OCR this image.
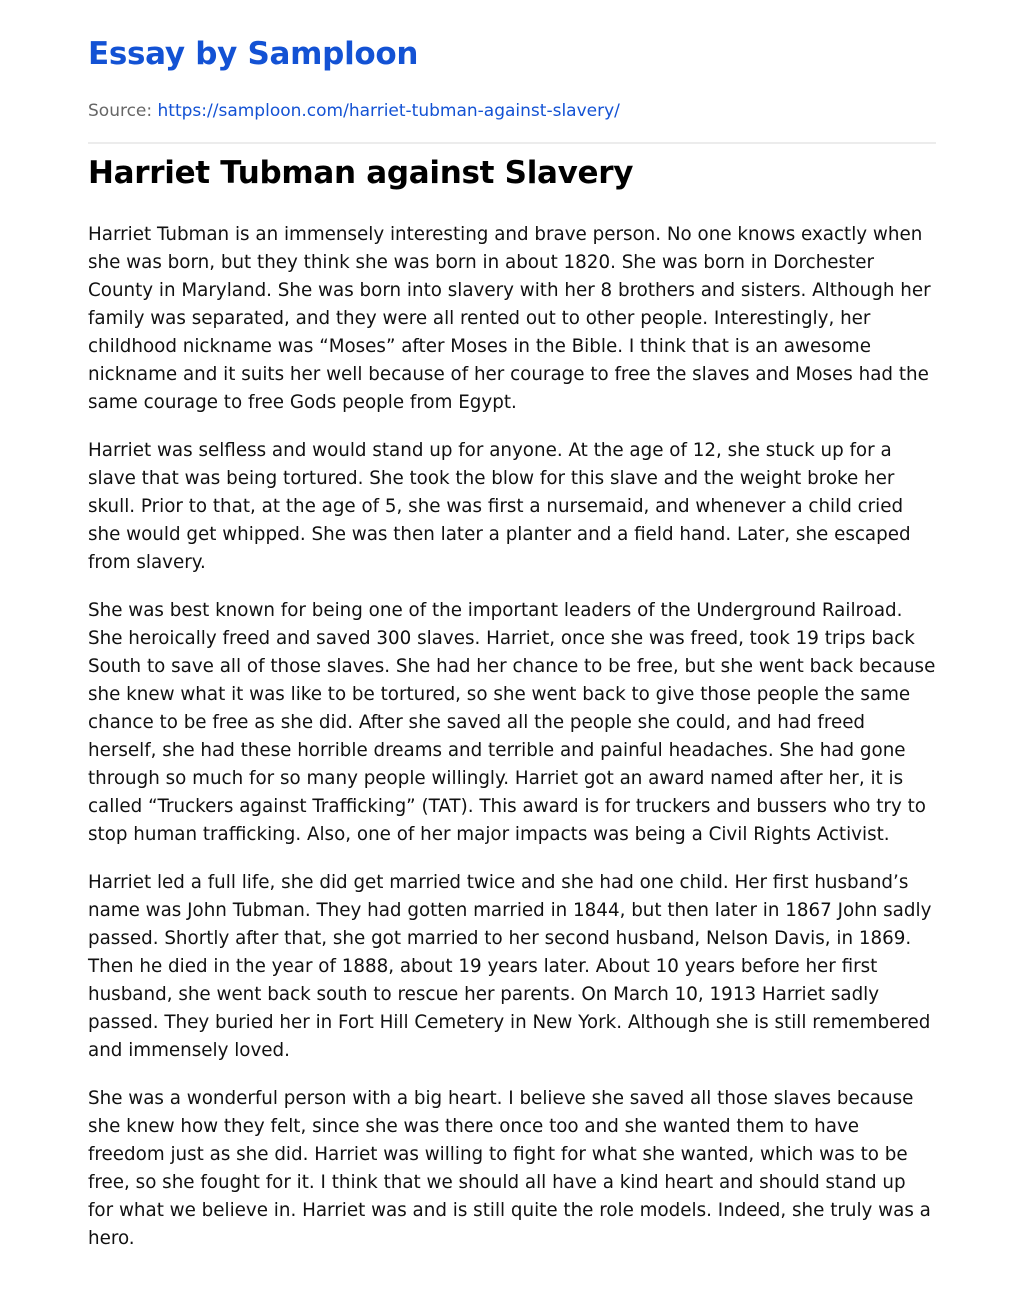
Essay by Samploon
Source: https://samploon.com/harriet-tubman-against-slavery/
Harriet Tubman against Slavery

Harriet Tubman is an immensely interesting and brave person. No one knows exactly when she was born, but they think she was born in about 1820. She was born in Dorchester County in Maryland. She was born into slavery with her 8 brothers and sisters. Although her family was separated, and they were all rented out to other people. Interestingly, her childhood nickname was “Moses” after Moses in the Bible. I think that is an awesome nickname and it suits her well because of her courage to free the slaves and Moses had the same courage to free Gods people from Egypt.

Harriet was selfless and would stand up for anyone. At the age of 12, she stuck up for a slave that was being tortured. She took the blow for this slave and the weight broke her skull. Prior to that, at the age of 5, she was first a nursemaid, and whenever a child cried she would get whipped. She was then later a planter and a field hand. Later, she escaped from slavery.

She was best known for being one of the important leaders of the Underground Railroad. She heroically freed and saved 300 slaves. Harriet, once she was freed, took 19 trips back South to save all of those slaves. She had her chance to be free, but she went back because she knew what it was like to be tortured, so she went back to give those people the same chance to be free as she did. After she saved all the people she could, and had freed herself, she had these horrible dreams and terrible and painful headaches. She had gone through so much for so many people willingly. Harriet got an award named after her, it is called “Truckers against Trafficking” (TAT). This award is for truckers and bussers who try to stop human trafficking. Also, one of her major impacts was being a Civil Rights Activist.

Harriet led a full life, she did get married twice and she had one child. Her first husband’s name was John Tubman. They had gotten married in 1844, but then later in 1867 John sadly passed. Shortly after that, she got married to her second husband, Nelson Davis, in 1869. Then he died in the year of 1888, about 19 years later. About 10 years before her first husband, she went back south to rescue her parents. On March 10, 1913 Harriet sadly passed. They buried her in Fort Hill Cemetery in New York. Although she is still remembered and immensely loved.

She was a wonderful person with a big heart. I believe she saved all those slaves because she knew how they felt, since she was there once too and she wanted them to have freedom just as she did. Harriet was willing to fight for what she wanted, which was to be free, so she fought for it. I think that we should all have a kind heart and should stand up for what we believe in. Harriet was and is still quite the role models. Indeed, she truly was a hero.
